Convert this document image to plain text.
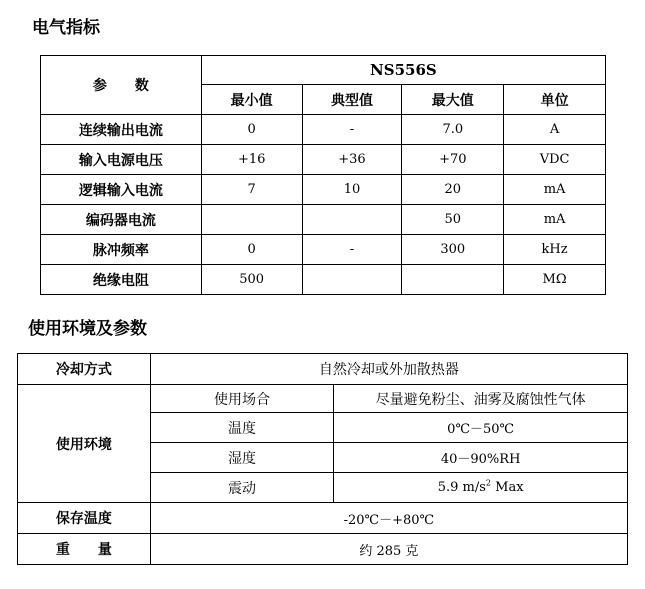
电气指标
参　　数	NS556S			
	最小值	典型值	最大值	单位
连续输出电流	0	-	7.0	A
输入电源电压	+16	+36	+70	VDC
逻辑输入电流	7	10	20	mA
编码器电流			50	mA
脉冲频率	0	-	300	kHz
绝缘电阻	500			MΩ
使用环境及参数
冷却方式	自然冷却或外加散热器	
使用环境	使用场合	尽量避免粉尘、油雾及腐蚀性气体
	温度	0℃－50℃
	湿度	40－90%RH
	震动	5.9 $m/s^2$ Max
保存温度	-20℃－+80℃	
重　　量	约 285 克	
